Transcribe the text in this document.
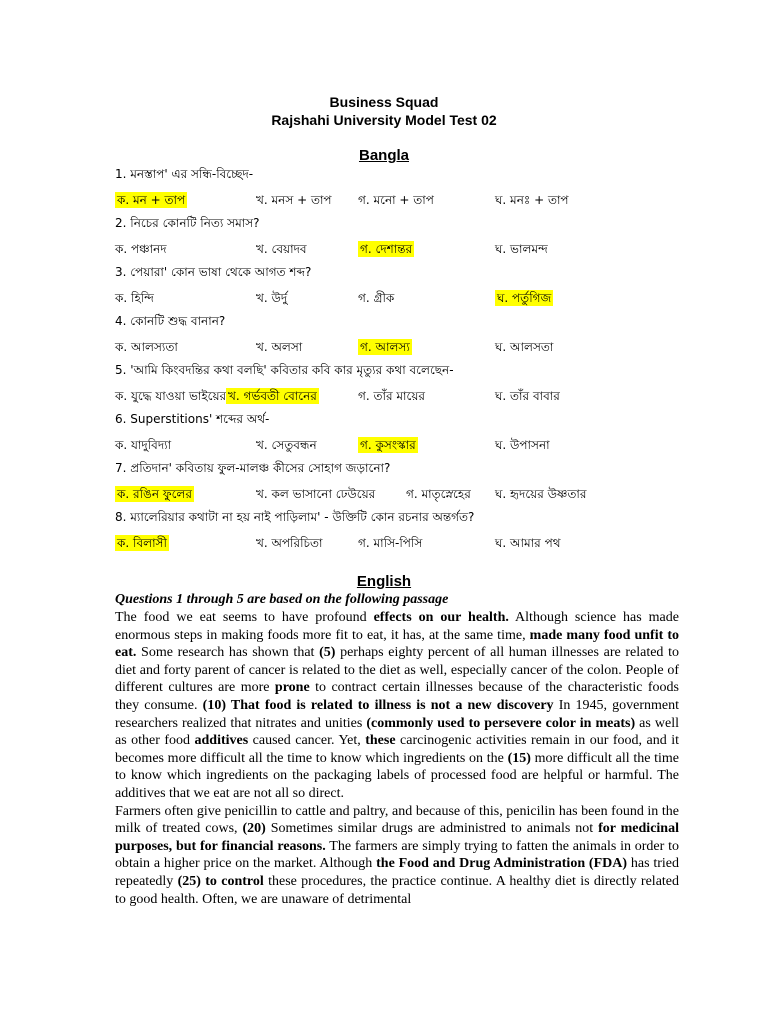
Business Squad
Rajshahi University Model Test 02
Bangla
1. মনস্তাপ' এর সন্ধি-বিচ্ছেদ-
ক. মন + তাপ	খ. মনস + তাপ গ. মনো + তাপ	ঘ. মনঃ + তাপ
2. নিচের কোনটি নিত্য সমাস?
ক. পঞ্চানদ	খ. বেয়াদব	গ. দেশান্তর	ঘ. ভালমন্দ
3. পেয়ারা' কোন ভাষা থেকে আগত শব্দ?
ক. হিন্দি	খ. উর্দু	গ. গ্রীক	ঘ. পর্তুগিজ
4. কোনটি শুদ্ধ বানান?
ক. আলস্যতা	খ. অলসা	গ. আলস্য	ঘ. আলসতা
5. 'আমি কিংবদন্তির কথা বলছি' কবিতার কবি কার মৃত্যুর কথা বলেছেন-
ক. যুদ্ধে যাওয়া ভাইয়ের খ. গর্ভবতী বোনের	গ. তাঁর মায়ের	ঘ. তাঁর বাবার
6. Superstitions' শব্দের অর্থ-
ক. যাদুবিদ্যা	খ. সেতুবন্ধন	গ. কুসংস্কার	ঘ. উপাসনা
7. প্রতিদান' কবিতায় ফুল-মালঞ্চ কীসের সোহাগ জড়ানো?
ক. রঙিন ফুলের	খ. কল ভাসানো ঢেউয়ের	গ. মাতৃস্নেহের ঘ. হৃদয়ের উষ্ণতার
8. ম্যালেরিয়ার কথাটা না হয় নাই পাড়িলাম' - উক্তিটি কোন রচনার অন্তর্গত?
ক. বিলাসী	খ. অপরিচিতা	গ. মাসি-পিসি	ঘ. আমার পথ
English
Questions 1 through 5 are based on the following passage

The food we eat seems to have profound effects on our health. Although science has made enormous steps in making foods more fit to eat, it has, at the same time, made many food unfit to eat. Some research has shown that (5) perhaps eighty percent of all human illnesses are related to diet and forty parent of cancer is related to the diet as well, especially cancer of the colon. People of different cultures are more prone to contract certain illnesses because of the characteristic foods they consume. (10) That food is related to illness is not a new discovery In 1945, government researchers realized that nitrates and unities (commonly used to persevere color in meats) as well as other food additives caused cancer. Yet, these carcinogenic activities remain in our food, and it becomes more difficult all the time to know which ingredients on the (15) more difficult all the time to know which ingredients on the packaging labels of processed food are helpful or harmful. The additives that we eat are not all so direct.

Farmers often give penicillin to cattle and paltry, and because of this, penicilin has been found in the milk of treated cows, (20) Sometimes similar drugs are administred to animals not for medicinal purposes, but for financial reasons. The farmers are simply trying to fatten the animals in order to obtain a higher price on the market. Although the Food and Drug Administration (FDA) has tried repeatedly (25) to control these procedures, the practice continue. A healthy diet is directly related to good health. Often, we are unaware of detrimental
